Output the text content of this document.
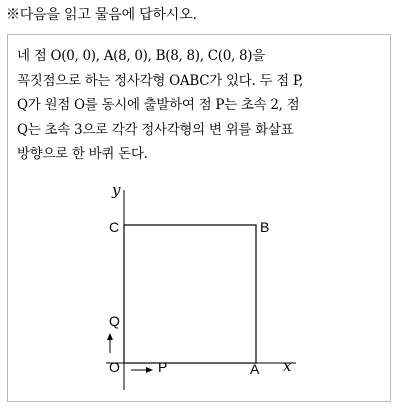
※다음을 읽고 물음에 답하시오.
네 점 O(0, 0), A(8, 0), B(8, 8), C(0, 8)을
꼭짓점으로 하는 정사각형 OABC가 있다. 두 점 P,
Q가 원점 O를 동시에 출발하여 점 P는 초속 2, 점
Q는 초속 3으로 각각 정사각형의 변 위를 화살표
방향으로 한 바퀴 돈다.
y
x
C	B
O	A
P
Q
